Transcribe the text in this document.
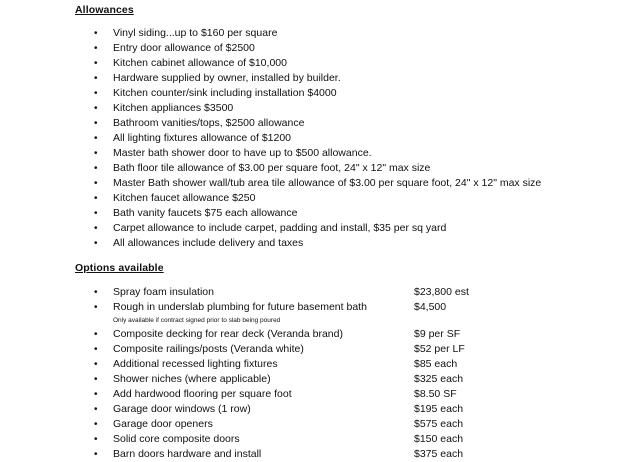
Allowances
• Vinyl siding...up to $160 per square
• Entry door allowance of $2500
• Kitchen cabinet allowance of $10,000
• Hardware supplied by owner, installed by builder.
• Kitchen counter/sink including installation $4000
• Kitchen appliances $3500
• Bathroom vanities/tops, $2500 allowance
• All lighting fixtures allowance of $1200
• Master bath shower door to have up to $500 allowance.
• Bath floor tile allowance of $3.00 per square foot, 24" x 12" max size
• Master Bath shower wall/tub area tile allowance of $3.00 per square foot, 24" x 12" max size
• Kitchen faucet allowance $250
• Bath vanity faucets $75 each allowance
• Carpet allowance to include carpet, padding and install, $35 per sq yard
• All allowances include delivery and taxes
Options available
• Spray foam insulation	$23,800 est
• Rough in underslab plumbing for future basement bath	$4,500
Only available if contract signed prior to slab being poured
• Composite decking for rear deck (Veranda brand)	$9 per SF
• Composite railings/posts (Veranda white)	$52 per LF
• Additional recessed lighting fixtures	$85 each
• Shower niches (where applicable)	$325 each
• Add hardwood flooring per square foot	$8.50 SF
• Garage door windows (1 row)	$195 each
• Garage door openers	$575 each
• Solid core composite doors	$150 each
• Barn doors hardware and install	$375 each
